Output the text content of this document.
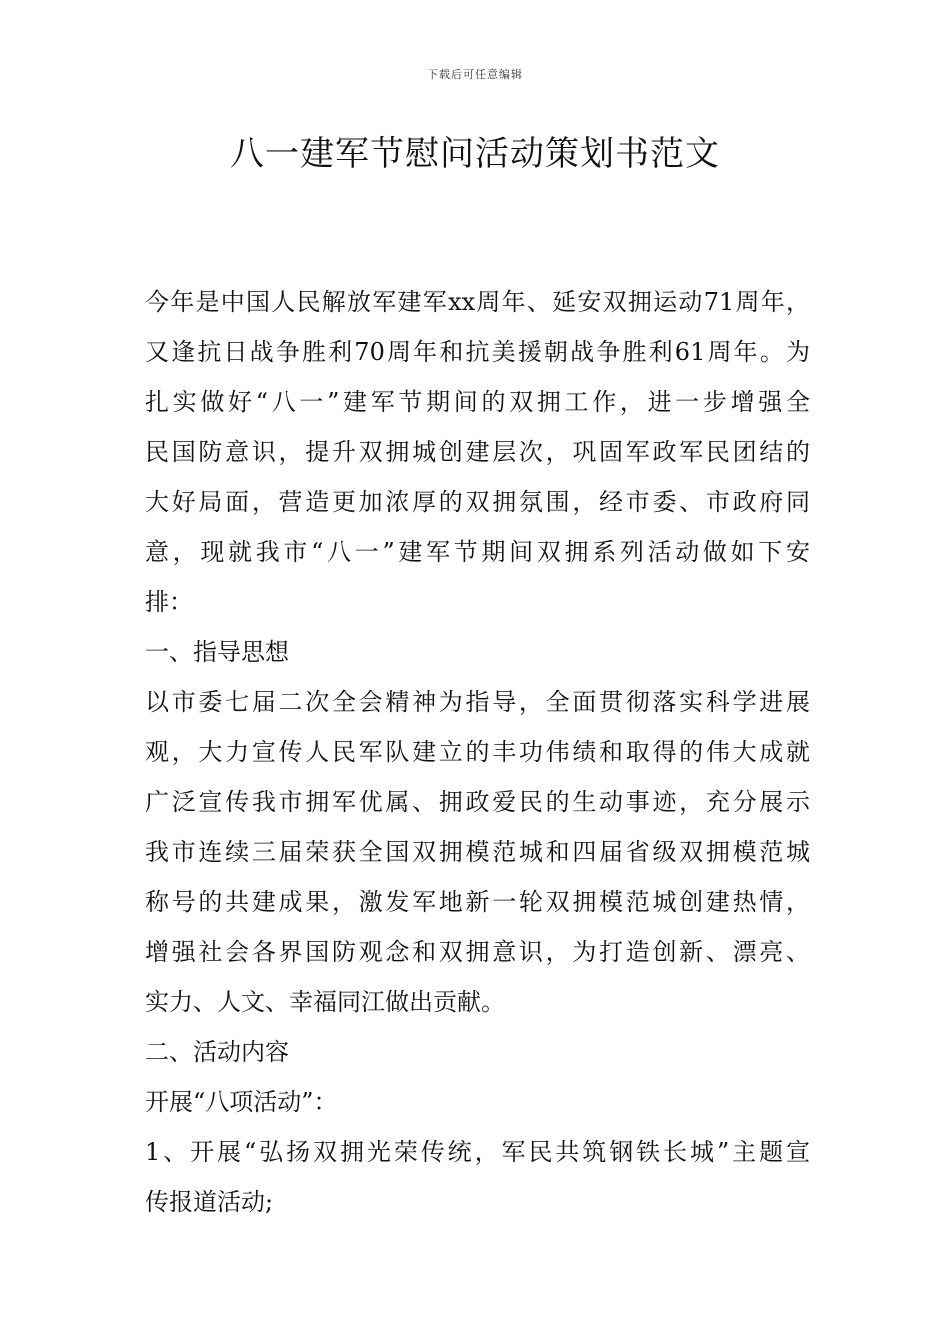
下载后可任意编辑
八一建军节慰问活动策划书范文
今年是中国人民解放军建军xx周年、延安双拥运动71周年，
又逢抗日战争胜利70周年和抗美援朝战争胜利61周年。为
扎实做好“八一”建军节期间的双拥工作，进一步增强全
民国防意识，提升双拥城创建层次，巩固军政军民团结的
大好局面，营造更加浓厚的双拥氛围，经市委、市政府同
意，现就我市“八一”建军节期间双拥系列活动做如下安
排：
一、指导思想
以市委七届二次全会精神为指导，全面贯彻落实科学进展
观，大力宣传人民军队建立的丰功伟绩和取得的伟大成就
广泛宣传我市拥军优属、拥政爱民的生动事迹，充分展示
我市连续三届荣获全国双拥模范城和四届省级双拥模范城
称号的共建成果，激发军地新一轮双拥模范城创建热情，
增强社会各界国防观念和双拥意识，为打造创新、漂亮、
实力、人文、幸福同江做出贡献。
二、活动内容
开展“八项活动”：
1、开展“弘扬双拥光荣传统，军民共筑钢铁长城”主题宣
传报道活动;
